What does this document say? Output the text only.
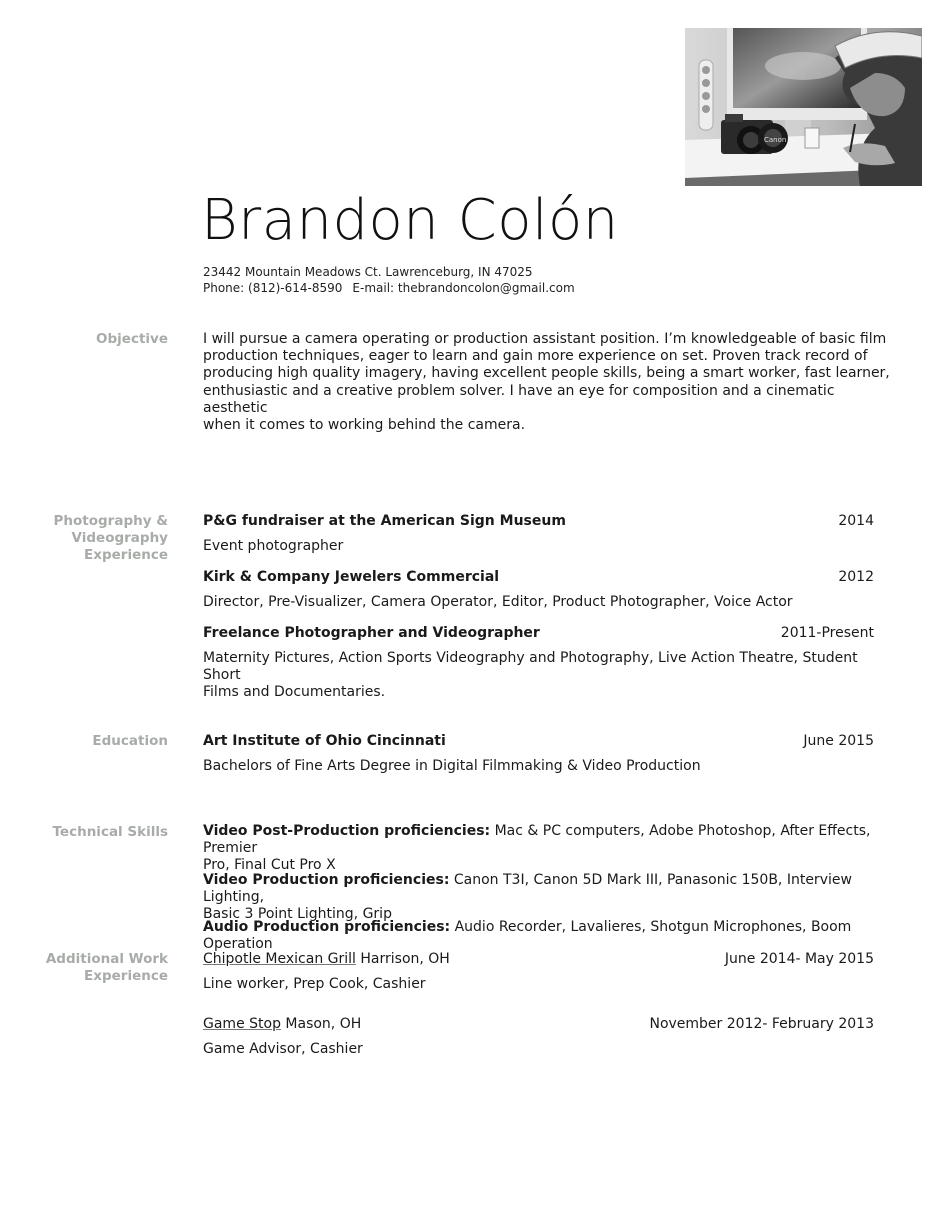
Canon
Brandon Colón
23442 Mountain Meadows Ct. Lawrenceburg, IN 47025
Phone: (812)-614-8590 E-mail: thebrandoncolon@gmail.com
Objective	I will pursue a camera operating or production assistant position. I’m knowledgeable of basic film
production techniques, eager to learn and gain more experience on set. Proven track record of
producing high quality imagery, having excellent people skills, being a smart worker, fast learner,
enthusiastic and a creative problem solver. I have an eye for composition and a cinematic aesthetic
when it comes to working behind the camera.
Photography &
Videography
Experience
P&G fundraiser at the American Sign Museum	2014
Event photographer
Kirk & Company Jewelers Commercial	2012
Director, Pre-Visualizer, Camera Operator, Editor, Product Photographer, Voice Actor
Freelance Photographer and Videographer	2011-Present
Maternity Pictures, Action Sports Videography and Photography, Live Action Theatre, Student Short
Films and Documentaries.
Education	Art Institute of Ohio Cincinnati	June 2015
Bachelors of Fine Arts Degree in Digital Filmmaking & Video Production
Technical Skills	Video Post-Production proficiencies: Mac & PC computers, Adobe Photoshop, After Effects, Premier
Pro, Final Cut Pro X
Video Production proficiencies: Canon T3I, Canon 5D Mark III, Panasonic 150B, Interview Lighting,
Basic 3 Point Lighting, Grip
Audio Production proficiencies: Audio Recorder, Lavalieres, Shotgun Microphones, Boom Operation
Additional Work
Experience
Chipotle Mexican Grill Harrison, OH	June 2014- May 2015
Line worker, Prep Cook, Cashier
Game Stop Mason, OH	November 2012- February 2013
Game Advisor, Cashier
